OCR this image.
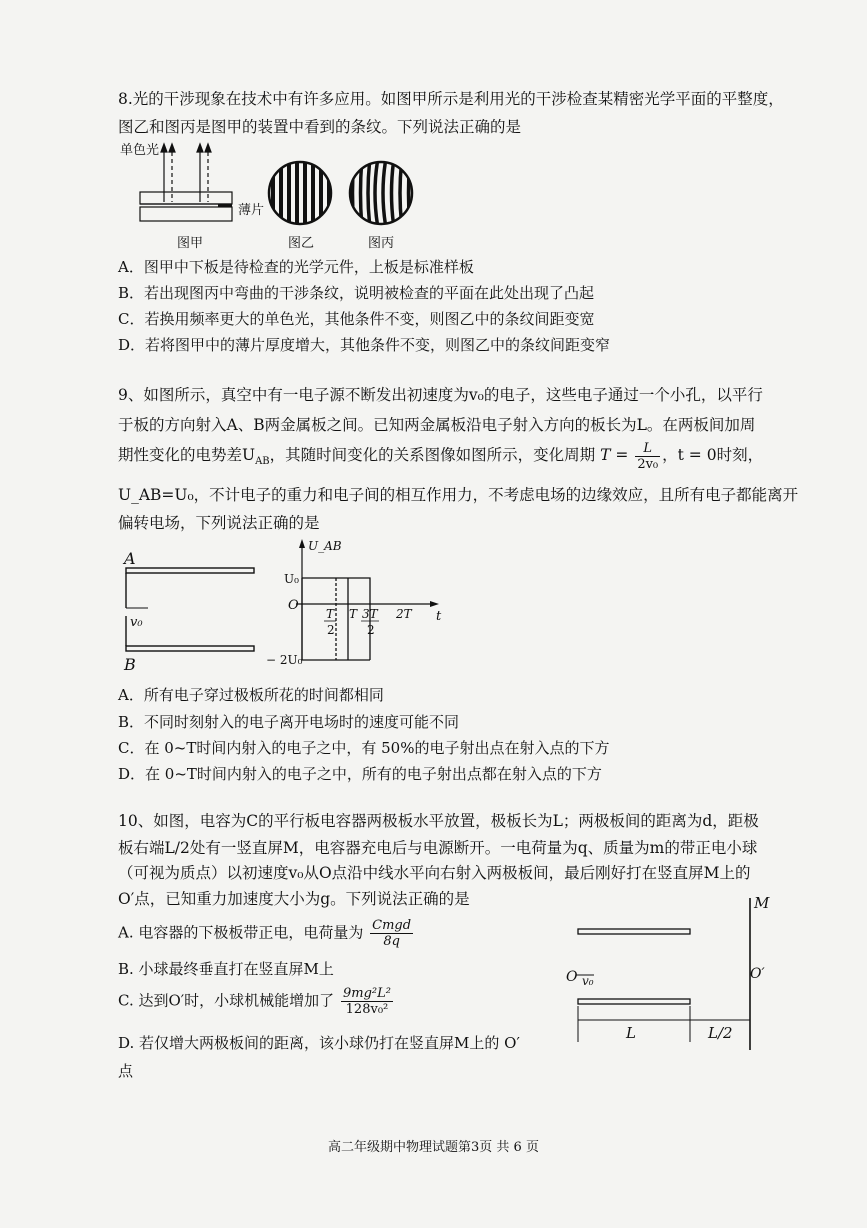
8.光的干涉现象在技术中有许多应用。如图甲所示是利用光的干涉检查某精密光学平面的平整度，
图乙和图丙是图甲的装置中看到的条纹。下列说法正确的是
单色光
薄片
图甲	图乙	图丙
A．图甲中下板是待检查的光学元件，上板是标准样板
B．若出现图丙中弯曲的干涉条纹，说明被检查的平面在此处出现了凸起
C．若换用频率更大的单色光，其他条件不变，则图乙中的条纹间距变宽
D．若将图甲中的薄片厚度增大，其他条件不变，则图乙中的条纹间距变窄
9、如图所示，真空中有一电子源不断发出初速度为v₀的电子，这些电子通过一个小孔，以平行
于板的方向射入A、B两金属板之间。已知两金属板沿电子射入方向的板长为L。在两板间加周
期性变化的电势差$U_{AB}$，其随时间变化的关系图像如图所示，变化周期 $T = \frac{L}{\text{2v₀}}$ ，t = 0时刻，
U_AB=U₀，不计电子的重力和电子间的相互作用力，不考虑电场的边缘效应，且所有电子都能离开
偏转电场，下列说法正确的是
A
v₀
B
U_AB
U₀
O
− 2U₀
t
T
2
T 3T
2
2T
A．所有电子穿过极板所花的时间都相同
B．不同时刻射入的电子离开电场时的速度可能不同
C．在 0~T时间内射入的电子之中，有 50%的电子射出点在射入点的下方
D．在 0~T时间内射入的电子之中，所有的电子射出点都在射入点的下方
10、如图，电容为C的平行板电容器两极板水平放置，极板长为L；两极板间的距离为d，距极
板右端L/2处有一竖直屏M，电容器充电后与电源断开。一电荷量为q、质量为m的带正电小球
（可视为质点）以初速度v₀从O点沿中线水平向右射入两极板间，最后刚好打在竖直屏M上的
O′点，已知重力加速度大小为g。下列说法正确的是
A. 电容器的下极板带正电，电荷量为 $\frac{\text{Cmgd}}{8q}$
B. 小球最终垂直打在竖直屏M上
C. 达到O′时，小球机械能增加了 $\frac{\text{9mg²L²}}{\text{128v₀²}}$
D. 若仅增大两极板间的距离，该小球仍打在竖直屏M上的 O′
点
M
O v₀	O′
L	L/2
高二年级期中物理试题第3页 共 6 页
